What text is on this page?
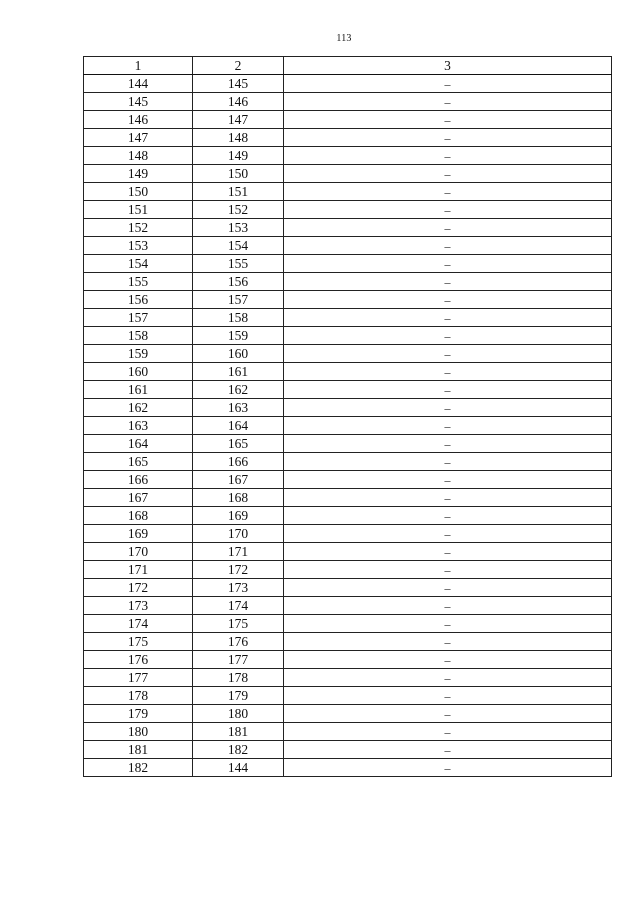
113
1	2	3
144	145	–
145	146	–
146	147	–
147	148	–
148	149	–
149	150	–
150	151	–
151	152	–
152	153	–
153	154	–
154	155	–
155	156	–
156	157	–
157	158	–
158	159	–
159	160	–
160	161	–
161	162	–
162	163	–
163	164	–
164	165	–
165	166	–
166	167	–
167	168	–
168	169	–
169	170	–
170	171	–
171	172	–
172	173	–
173	174	–
174	175	–
175	176	–
176	177	–
177	178	–
178	179	–
179	180	–
180	181	–
181	182	–
182	144	–
